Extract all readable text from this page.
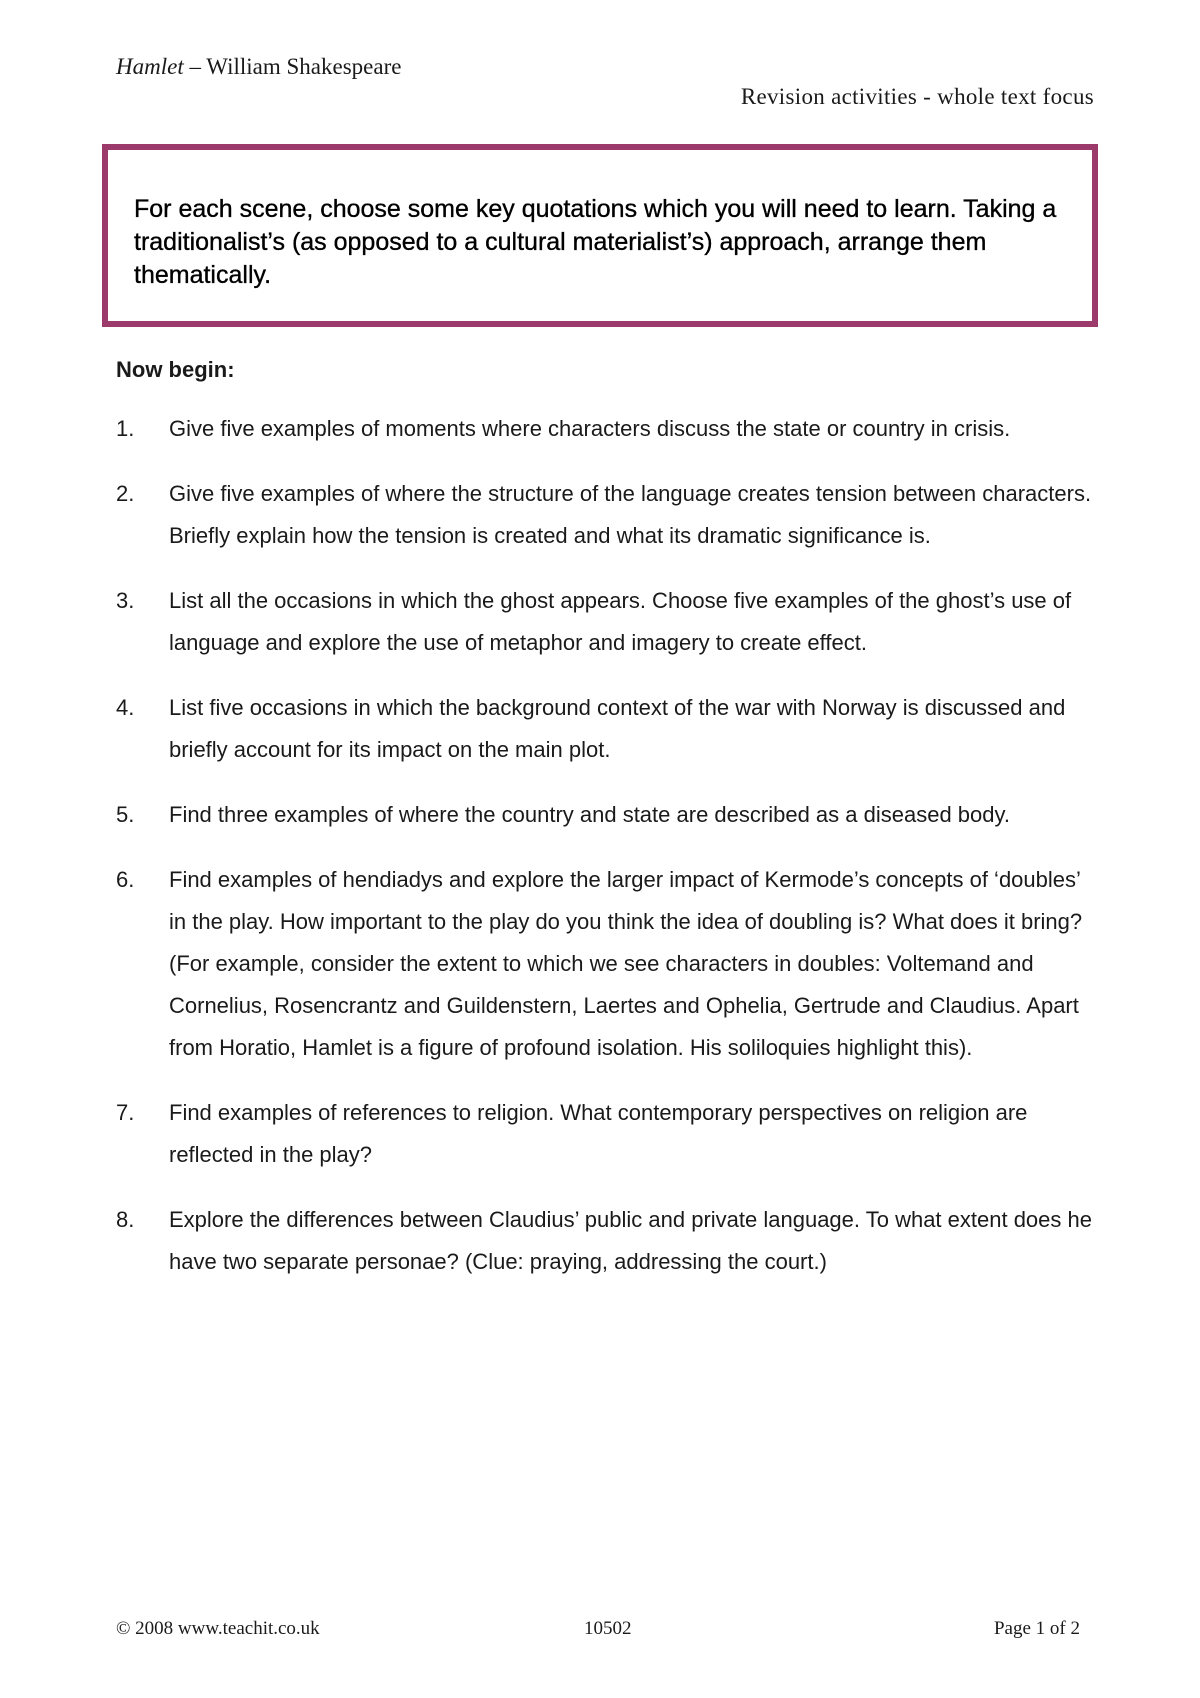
Hamlet – William Shakespeare
Revision activities - whole text focus

For each scene, choose some key quotations which you will need to learn. Taking a traditionalist’s (as opposed to a cultural materialist’s) approach, arrange them thematically.

Now begin:

1.	Give five examples of moments where characters discuss the state or country in crisis.
2.	Give five examples of where the structure of the language creates tension between characters. Briefly explain how the tension is created and what its dramatic significance is.
3.	List all the occasions in which the ghost appears. Choose five examples of the ghost’s use of language and explore the use of metaphor and imagery to create effect.
4.	List five occasions in which the background context of the war with Norway is discussed and briefly account for its impact on the main plot.
5.	Find three examples of where the country and state are described as a diseased body.
6.	Find examples of hendiadys and explore the larger impact of Kermode’s concepts of ‘doubles’ in the play. How important to the play do you think the idea of doubling is? What does it bring? (For example, consider the extent to which we see characters in doubles: Voltemand and Cornelius, Rosencrantz and Guildenstern, Laertes and Ophelia, Gertrude and Claudius. Apart from Horatio, Hamlet is a figure of profound isolation. His soliloquies highlight this).
7.	Find examples of references to religion. What contemporary perspectives on religion are reflected in the play?
8.	Explore the differences between Claudius’ public and private language. To what extent does he have two separate personae? (Clue: praying, addressing the court.)
© 2008 www.teachit.co.uk	10502	Page 1 of 2
